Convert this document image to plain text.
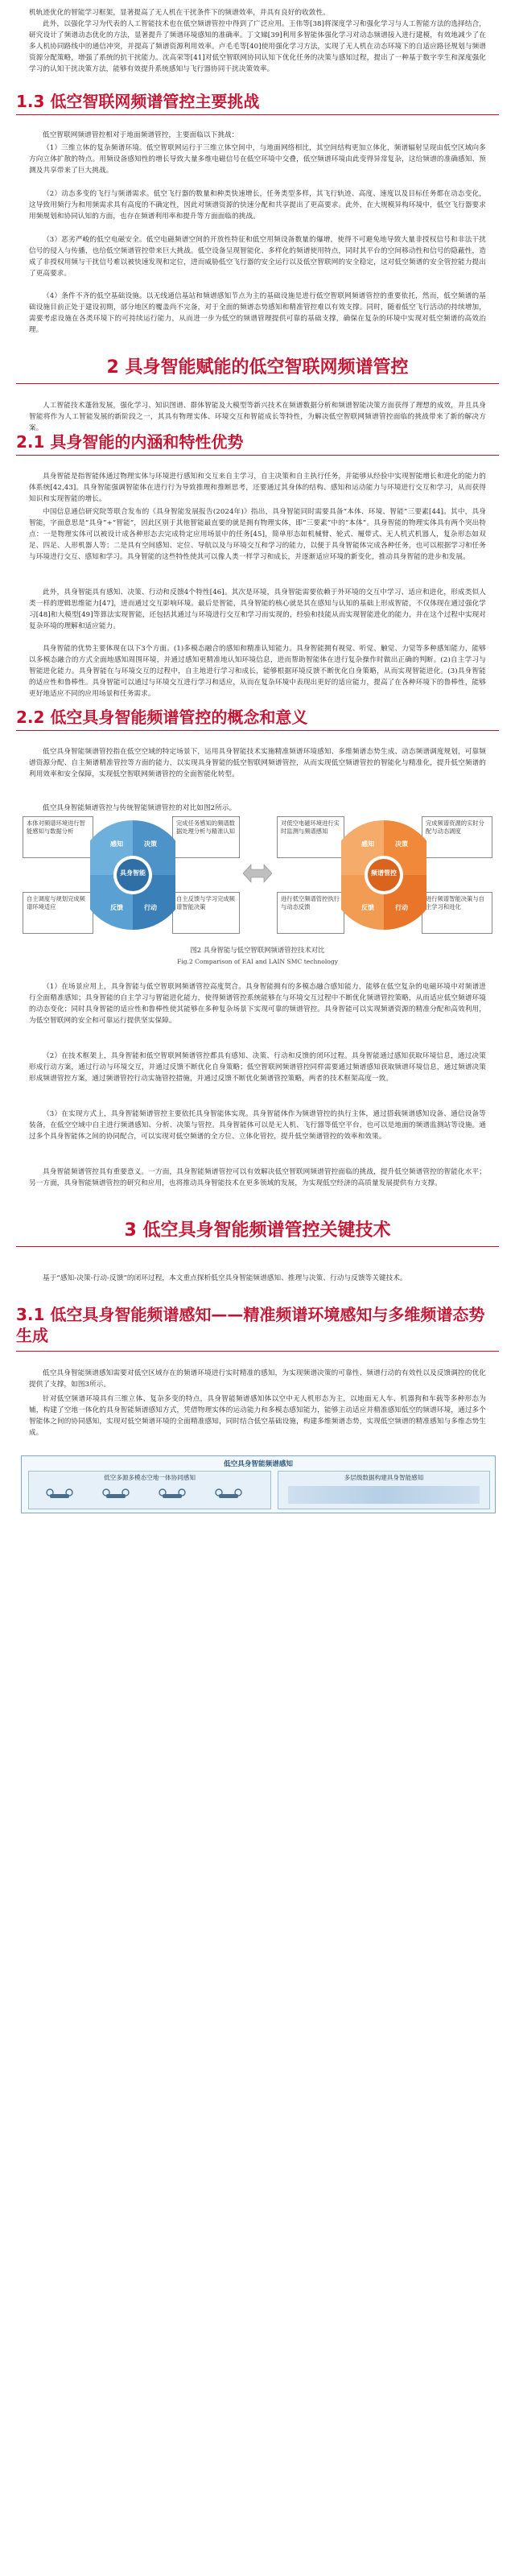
机轨迹优化的智能学习框架，显著提高了无人机在干扰条件下的频谱效率，并具有良好的收敛性。

此外，以强化学习为代表的人工智能技术也在低空频谱管控中得到了广泛应用。王伟等[38]将深度学习和强化学习与人工智能方法的选择结合，研究设计了频谱动态优化的方法，显著提升了频谱环境感知的准确率。丁文娣[39]利用多智能体强化学习对动态频谱接入进行建模，有效地减少了在多人机协同路线中的通信冲突，并提高了频谱资源利用效率。卢毛毛等[40]使用强化学习方法，实现了无人机在动态环境下的自适应路径规划与频谱资源分配策略，增强了系统的抗干扰能力。沈高荣等[41]对低空智联网协同认知下优化任务的决策与感知过程，提出了一种基于数字孪生和深度强化学习的认知干扰决策方法，能够有效提升系统感知与飞行器协同干扰决策效率。

1.3 低空智联网频谱管控主要挑战

低空智联网频谱管控相对于地面频谱管控，主要面临以下挑战：

（1）三维立体的复杂频谱环境。低空智联网运行于三维立体空间中，与地面网络相比，其空间结构更加立体化，频谱辐射呈现由低空区域向多方向立体扩散的特点。用频设备感知性的增长导致大量多维电磁信号在低空环境中交叠，低空频谱环境由此变得异常复杂，这给频谱的准确感知、预测及共享带来了巨大挑战。

（2）动态多变的飞行与频谱需求。低空飞行器的数量和种类快速增长，任务类型多样，其飞行轨迹、高度、速度以及目标任务都在动态变化，这导致用频行为和用频需求具有高度的不确定性，因此对频谱资源的快速分配和共享提出了更高要求。此外，在大规模异构环境中，低空飞行器要求用频规划和协同认知的方面，也存在频谱利用率和提升等方面面临的挑战。

（3）恶劣严峻的低空电磁安全。低空电磁频谱空间的开放性特征和低空用频设备数量的爆增，使得不可避免地导致大量非授权信号和非法干扰信号的侵入与传播，也给低空频谱管控带来巨大挑战。低空设备呈现智能化、多样化的频谱使用特点，同时其平台的空间移动性和信号的隐蔽性，造成了非授权用频与干扰信号难以被快速发现和定位，进而威胁低空飞行器的安全运行以及低空智联网的安全稳定，这对低空频谱的安全管控能力提出了更高要求。

（4）条件不齐的低空基础设施。以无线通信基站和频谱感知节点为主的基础设施是进行低空智联网频谱管控的重要依托，然而，低空频谱的基础设施目前正处于建设初期，部分地区的覆盖尚不完备，对于全面的频谱态势感知和精准管控难以有效支撑。同时，随着低空飞行活动的持续增加，需要考虑设施在各类环境下的可持续运行能力，从而进一步为低空的频谱管理提供可靠的基础支撑，确保在复杂的环境中实现对低空频谱的高效治理。

2 具身智能赋能的低空智联网频谱管控

人工智能技术蓬勃发展，强化学习、知识图谱、群体智能及大模型等新兴技术在频谱数据分析和频谱智能决策方面获得了理想的成效，并且具身智能将作为人工智能发展的新阶段之一，其具有物理实体、环境交互和智能成长等特性，为解决低空智联网频谱管控面临的挑战带来了新的解决方案。

2.1 具身智能的内涵和特性优势

具身智能是指智能体通过物理实体与环境进行感知和交互来自主学习，自主决策和自主执行任务，并能够从经验中实现智能增长和进化的能力的体系统[42,43]。具身智能强调智能体在进行行为导致推理和推断思考，还要通过其身体的结构、感知和运动能力与环境进行交互和学习，从而获得知识和实现智能的增长。

中国信息通信研究院等联合发布的《具身智能发展报告(2024年)》指出，具身智能同时需要具备“本体、环境、智能”三要素[44]。其中，具身智能，字面意思是“具身”+“智能”，因此区别于其他智能最直要的就是拥有物理实体，即“三要素”中的“本体”。具身智能的物理实体具有两个突出特点：一是物理实体可以被设计成各种形态去完成特定应用场景中的任务[45]，简单形态如机械臂、轮式、履带式、无人机式机器人，复杂形态如双足、四足、人形机器人等；二是具有空间感知、定位、导航以及与环境交互和学习的能力，以便于具身智能体完成各种任务，也可以根据学习和任务与环境进行交互、感知和学习。具身智能的这些特性使其可以像人类一样学习和成长，并逐渐适应环境的新变化，推动具身智能的进步和发展。

此外，具身智能具有感知、决策、行动和反馈4个特性[46]。其次是环境，具身智能需要依赖于外环境的交互中学习、适应和进化，形成类似人类一样的逻辑思维能力[47]，进而通过交互影响环境。最后是智能，具身智能的核心就是其在感知与认知的基础上形成智能，不仅体现在通过强化学习[48]和大模型[49]等算法实现智能，还包括其通过与环境进行交互和学习而实现的，经验和技能从而实现智能进化的能力，并在这个过程中实现对复杂环境的理解和适应能力。

具身智能的优势主要体现在以下3个方面。(1)多模态融合的感知和精准认知能力。具身智能拥有视觉、听觉、触觉、力觉等多种感知能力，能够以多模态融合的方式全面地感知周围环境，并通过感知更精准地认知环境信息，进而帮助智能体在进行复杂操作时做出正确的判断。(2)自主学习与智能进化能力。具身智能在与环境交互的过程中，自主地进行学习和成长，能够根据环境反馈不断优化自身策略，从而实现智能进化。(3)具身智能的适应性和鲁棒性。具身智能可以通过与环境交互进行学习和适应，从而在复杂环境中表现出更好的适应能力，提高了在各种环境下的鲁棒性，能够更好地适应不同的应用场景和任务需求。

2.2 低空具身智能频谱管控的概念和意义

低空具身智能频谱管控指在低空空域的特定场景下，运用具身智能技术实施精准频谱环境感知、多维频谱态势生成、动态频谱调度规划，可靠频谱资源分配、自主频谱精准管控等方面的能力，以实现具身智能的低空智联网频谱管控，从而实现低空频谱管控的智能化与精准化，提升低空频谱的利用效率和安全保障，实现低空智联网频谱管控的全面智能化转型。

低空具身智能频谱管控与传统智能频谱管控的对比如图2所示。

本体对频谱环境进行智能感知与数据分析
完成任务感知的频谱数据处理分析与精准认知
自主调度与规划完成频谱环境适应
自主反馈与学习完成频谱智能决策
具身智能
感知	决策
行动
反馈
对低空电磁环境进行实时监测与频谱感知
完成频谱资源的实时分配与动态调度
进行低空频谱管控执行与动态反馈
进行频谱智能决策与自主学习和进化
频谱管控
感知	决策
行动
反馈
图2 具身智能与低空智联网频谱管控技术对比
Fig.2 Comparison of EAI and LAIN SMC technology

（1）在场景应用上，具身智能与低空智联网频谱管控高度契合。具身智能拥有的多模态融合感知能力，能够在低空复杂的电磁环境中对频谱进行全面精准感知；具身智能的自主学习与智能进化能力，使得频谱管控系统能够在与环境交互过程中不断优化频谱管控策略，从而适应低空频谱环境的动态变化；同时具身智能的适应性和鲁棒性使其能够在多种复杂场景下实现可靠的频谱管控。具身智能可以实现频谱资源的精准分配和高效利用，为低空智联网的安全和可靠运行提供坚实保障。

（2）在技术框架上，具身智能和低空智联网频谱管控都具有感知、决策、行动和反馈的闭环过程。具身智能通过感知获取环境信息，通过决策形成行动方案，通过行动与环境交互，并通过反馈不断优化自身策略；低空智联网频谱管控同样需要通过频谱感知获取频谱环境信息，通过频谱决策形成频谱管控方案，通过频谱管控行动实施管控措施，并通过反馈不断优化频谱管控策略，两者的技术框架高度一致。

（3）在实现方式上，具身智能频谱管控主要依托具身智能体实现。具身智能体作为频谱管控的执行主体，通过搭载频谱感知设备、通信设备等装备，在低空空域中自主进行频谱感知、分析、决策与管控。具身智能体可以是无人机、飞行器等低空平台，也可以是地面的频谱监测站等设施。通过多个具身智能体之间的协同配合，可以实现对低空频谱的全方位、立体化管控，提升低空频谱管控的效率和效果。

具身智能频谱管控具有重要意义。一方面，具身智能频谱管控可以有效解决低空智联网频谱管控面临的挑战，提升低空频谱管控的智能化水平；另一方面，具身智能频谱管控的研究和应用，也将推动具身智能技术在更多领域的发展，为实现低空经济的高质量发展提供有力支撑。

3 低空具身智能频谱管控关键技术

基于“感知-决策-行动-反馈”的闭环过程，本文重点探析低空具身智能频谱感知、推理与决策、行动与反馈等关键技术。

3.1 低空具身智能频谱感知——精准频谱环境感知与多维频谱态势生成

低空具身智能频谱感知需要对低空区域存在的频谱环境进行实时精准的感知，为实现频谱决策的可靠性、频谱行动的有效性以及反馈调控的优化提供了支撑，如图3所示。

针对低空频谱环境具有三维立体、复杂多变的特点，具身智能频谱感知体以空中无人机形态为主，以地面无人车、机器狗和车载等多种形态为辅，构建了空地一体化的具身智能频谱感知方式，凭借物理实体的运动能力和多模态感知能力，能够主动适应并精准感知低空的频谱环境，通过多个智能体之间的协同感知，实现对低空频谱环境的全面精准感知，同时结合低空基础设施，构建多维频谱态势，实现低空频谱的精准感知与多维态势生成。

低空具身智能频谱感知
低空多源多模态空地一体协同感知	多层级数据构建具身智能感知
